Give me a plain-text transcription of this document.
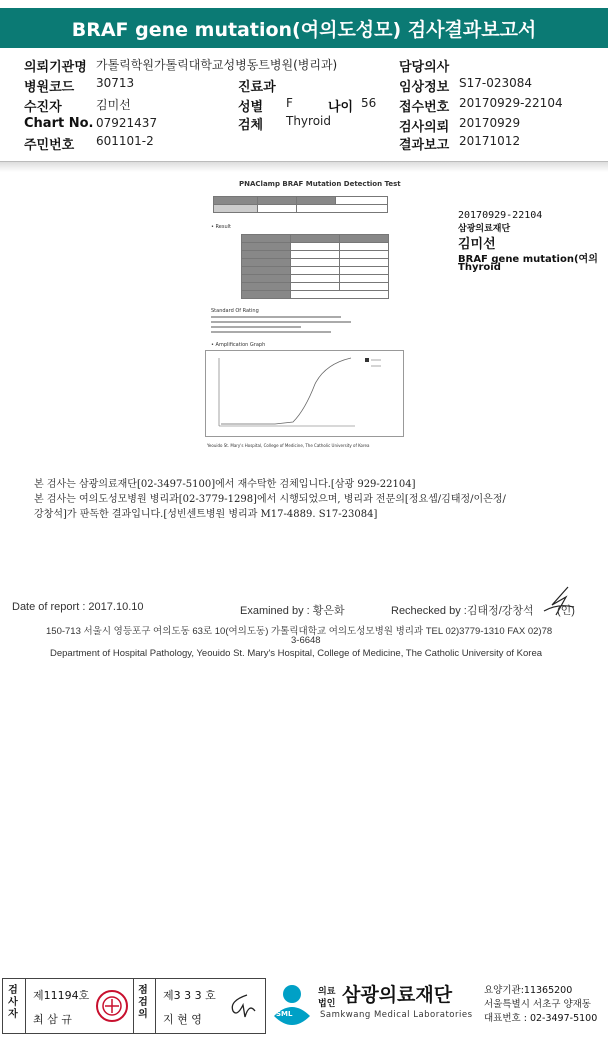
BRAF gene mutation(여의도성모) 검사결과보고서
의뢰기관명 가톨릭학원가톨릭대학교성병동트병원(병리과)	담당의사
병원코드 30713	진료과	임상정보 S17-023084
수진자	김미선	성별 F	나이 56 접수번호 20170929-22104
Chart No. 07921437	검체 Thyroid	검사의뢰 20170929
주민번호 601101-2	결과보고 20171012
PNAClamp BRAF Mutation Detection Test

• Result

Standard Of Rating
• Amplification Graph
Yeouido St. Mary's Hospital, College of Medicine, The Catholic University of Korea
20170929-22104
삼광의료재단
김미선
BRAF gene mutation(여의
Thyroid
본 검사는 삼광의료재단[02-3497-5100]에서 재수탁한 검체입니다.[삼광 929-22104]
본 검사는 여의도성모병원 병리과[02-3779-1298]에서 시행되었으며, 병리과 전문의[정요셉/김태정/이은정/
강창석]가 판독한 결과입니다.[성빈센트병원 병리과 M17-4889. S17-23084]
Date of report : 2017.10.10	Examined by : 황은화	Rechecked by :김태정/강창석 (인)
150-713 서울시 영등포구 여의도동 63로 10(여의도동) 가톨릭대학교 여의도성모병원 병리과 TEL 02)3779-1310 FAX 02)78
3-6648
Department of Hospital Pathology, Yeouido St. Mary's Hospital, College of Medicine, The Catholic University of Korea
검사자
제11194호
최 삼 규
점검의
제3 3 3 호
지 현 영	SML
의료
법인 삼광의료재단
Samkwang Medical Laboratories
요양기관:11365200
서울특별시 서초구 양재동
대표번호 : 02-3497-5100
